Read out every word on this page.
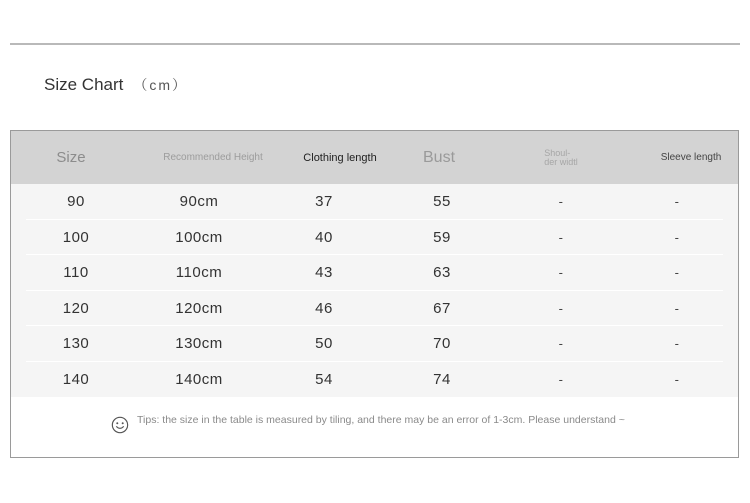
Size Chart （cm）
Size	Recommended Height	Clothing length	Bust	Shoul-
der widtl	Sleeve length
90	90cm	37	55	-	-
100	100cm	40	59	-	-
110	110cm	43	63	-	-
120	120cm	46	67	-	-
130	130cm	50	70	-	-
140	140cm	54	74	-	-
Tips: the size in the table is measured by tiling, and there may be an error of 1-3cm. Please understand ~
